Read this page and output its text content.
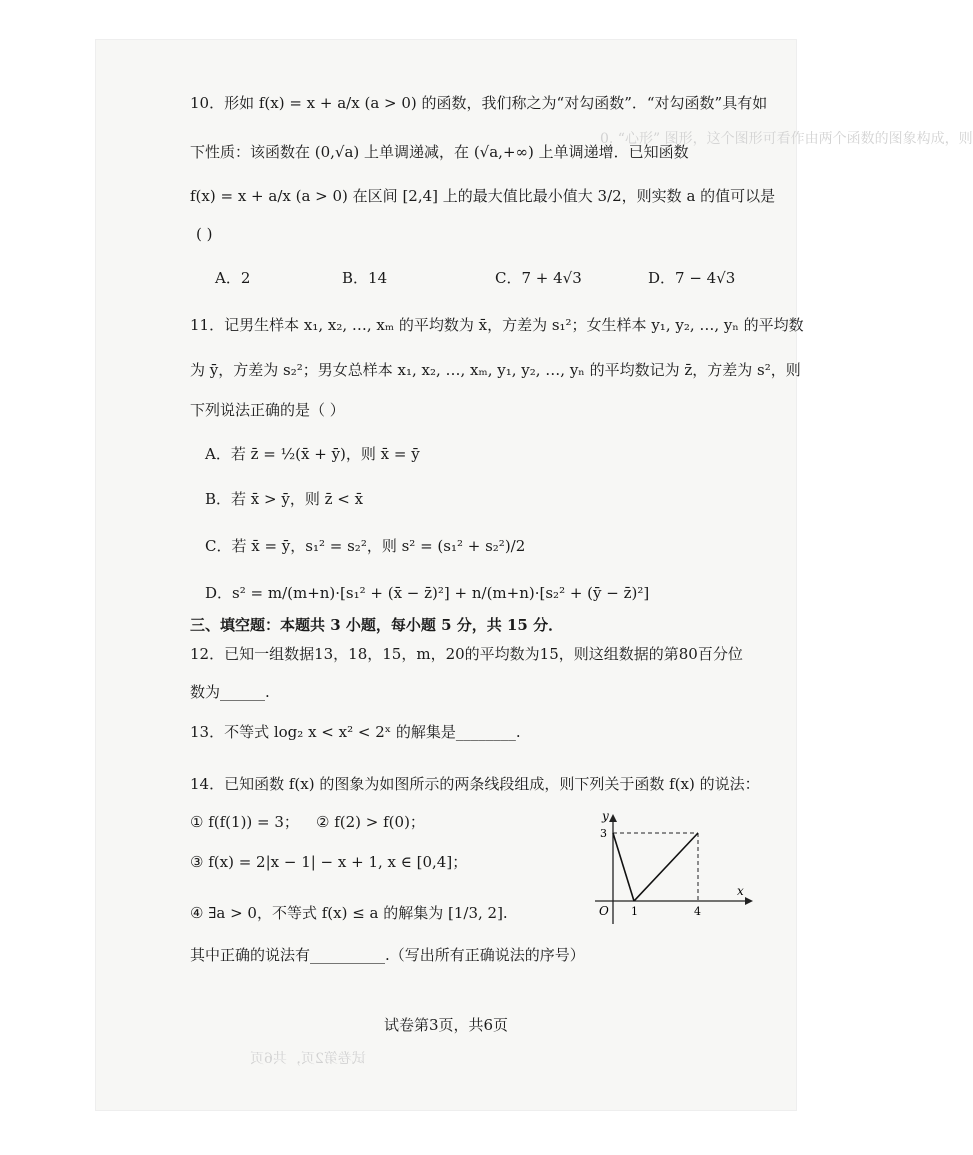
0. “心形” 图形，这个图形可看作由两个函数的图象构成，则
试卷第2页，共6页
10．形如 f(x) = x + a/x (a > 0) 的函数，我们称之为“对勾函数”．“对勾函数”具有如
下性质：该函数在 (0,√a) 上单调递减，在 (√a,+∞) 上单调递增．已知函数
f(x) = x + a/x (a > 0) 在区间 [2,4] 上的最大值比最小值大 3/2，则实数 a 的值可以是
( )
A．2	B．14	C．7 + 4√3	D．7 − 4√3
11．记男生样本 x₁, x₂, …, xₘ 的平均数为 x̄，方差为 s₁²；女生样本 y₁, y₂, …, yₙ 的平均数
为 ȳ，方差为 s₂²；男女总样本 x₁, x₂, …, xₘ, y₁, y₂, …, yₙ 的平均数记为 z̄，方差为 s²，则
下列说法正确的是（ ）
A．若 z̄ = ½(x̄ + ȳ)，则 x̄ = ȳ
B．若 x̄ > ȳ，则 z̄ < x̄
C．若 x̄ = ȳ，s₁² = s₂²，则 s² = (s₁² + s₂²)/2
D．s² = m/(m+n)·[s₁² + (x̄ − z̄)²] + n/(m+n)·[s₂² + (ȳ − z̄)²]
三、填空题：本题共 3 小题，每小题 5 分，共 15 分．
12．已知一组数据13，18，15，m，20的平均数为15，则这组数据的第80百分位
数为______.
13．不等式 log₂ x < x² < 2ˣ 的解集是________.
14．已知函数 f(x) 的图象为如图所示的两条线段组成，则下列关于函数 f(x) 的说法：
① f(f(1)) = 3； ② f(2) > f(0)；
③ f(x) = 2|x − 1| − x + 1, x ∈ [0,4]；
④ ∃a > 0，不等式 f(x) ≤ a 的解集为 [1/3, 2].
其中正确的说法有__________.（写出所有正确说法的序号）
y
x
O 1	4
3
试卷第3页，共6页
